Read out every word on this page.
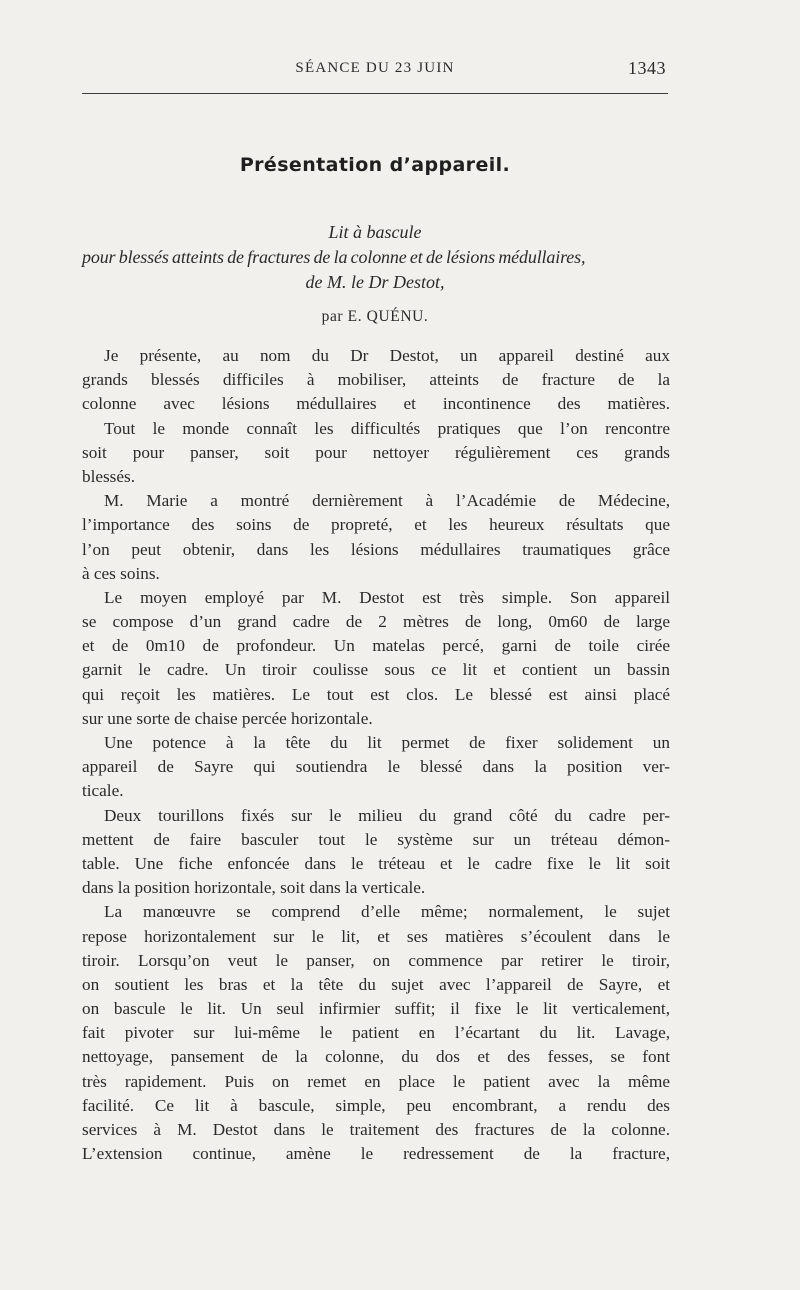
SÉANCE DU 23 JUIN	1343
Présentation d’appareil.
Lit à bascule
pour blessés atteints de fractures de la colonne et de lésions médullaires,
de M. le Dr Destot,
par E. QUÉNU.
Je présente, au nom du Dr Destot, un appareil destiné aux
grands blessés difficiles à mobiliser, atteints de fracture de la
colonne avec lésions médullaires et incontinence des matières.
Tout le monde connaît les difficultés pratiques que l’on rencontre
soit pour panser, soit pour nettoyer régulièrement ces grands
blessés.
M. Marie a montré dernièrement à l’Académie de Médecine,
l’importance des soins de propreté, et les heureux résultats que
l’on peut obtenir, dans les lésions médullaires traumatiques grâce
à ces soins.
Le moyen employé par M. Destot est très simple. Son appareil
se compose d’un grand cadre de 2 mètres de long, 0m60 de large
et de 0m10 de profondeur. Un matelas percé, garni de toile cirée
garnit le cadre. Un tiroir coulisse sous ce lit et contient un bassin
qui reçoit les matières. Le tout est clos. Le blessé est ainsi placé
sur une sorte de chaise percée horizontale.
Une potence à la tête du lit permet de fixer solidement un
appareil de Sayre qui soutiendra le blessé dans la position ver-
ticale.
Deux tourillons fixés sur le milieu du grand côté du cadre per-
mettent de faire basculer tout le système sur un tréteau démon-
table. Une fiche enfoncée dans le tréteau et le cadre fixe le lit soit
dans la position horizontale, soit dans la verticale.
La manœuvre se comprend d’elle même; normalement, le sujet
repose horizontalement sur le lit, et ses matières s’écoulent dans le
tiroir. Lorsqu’on veut le panser, on commence par retirer le tiroir,
on soutient les bras et la tête du sujet avec l’appareil de Sayre, et
on bascule le lit. Un seul infirmier suffit; il fixe le lit verticalement,
fait pivoter sur lui-même le patient en l’écartant du lit. Lavage,
nettoyage, pansement de la colonne, du dos et des fesses, se font
très rapidement. Puis on remet en place le patient avec la même
facilité. Ce lit à bascule, simple, peu encombrant, a rendu des
services à M. Destot dans le traitement des fractures de la colonne.
L’extension continue, amène le redressement de la fracture,
